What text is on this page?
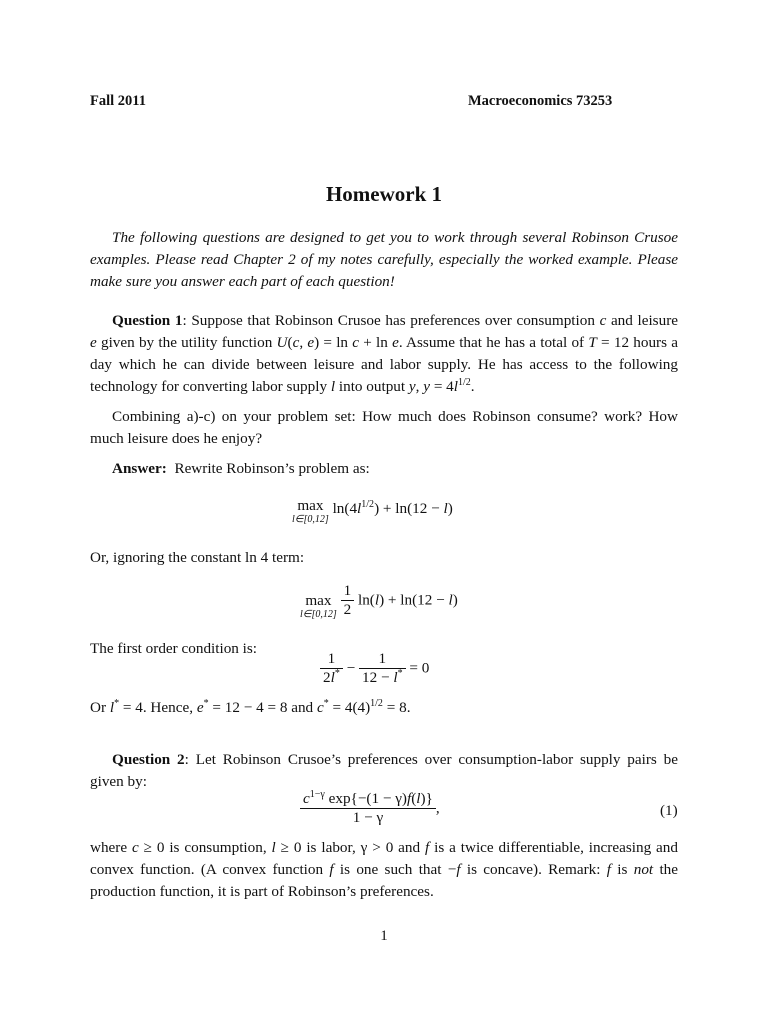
Fall 2011	Macroeconomics 73253
Homework 1

The following questions are designed to get you to work through several Robinson Crusoe examples. Please read Chapter 2 of my notes carefully, especially the worked example. Please make sure you answer each part of each question!

Question 1: Suppose that Robinson Crusoe has preferences over consumption c and leisure e given by the utility function U(c, e) = ln c + ln e. Assume that he has a total of T = 12 hours a day which he can divide between leisure and labor supply. He has access to the following technology for converting labor supply l into output y, $y = 4l^{1/2}$.

Combining a)-c) on your problem set: How much does Robinson consume? work? How much leisure does he enjoy?

Answer: Rewrite Robinson’s problem as:

max
l∈[0,12]
$\ln(4l^{1/2}) + \ln(12 - l)$

Or, ignoring the constant ln 4 term:

max
l∈[0,12]
$\frac{1}{2} \ln(l) + \ln(12 - l)$

The first order condition is:

$\frac{1}{2l^*} - \frac{1}{12 - l^*} = 0$

Or l* = 4. Hence, e* = 12 − 4 = 8 and $c^* = 4(4)^{1/2} = 8$.

Question 2: Let Robinson Crusoe’s preferences over consumption-labor supply pairs be given by:

$\frac{c^{1-\gamma} \exp\{-(1 - \gamma)f(l)\}}{1 - \gamma}$ ,	(1)

where c ≥ 0 is consumption, l ≥ 0 is labor, γ > 0 and f is a twice differentiable, increasing and convex function. (A convex function f is one such that −f is concave). Remark: f is not the production function, it is part of Robinson’s preferences.

1
